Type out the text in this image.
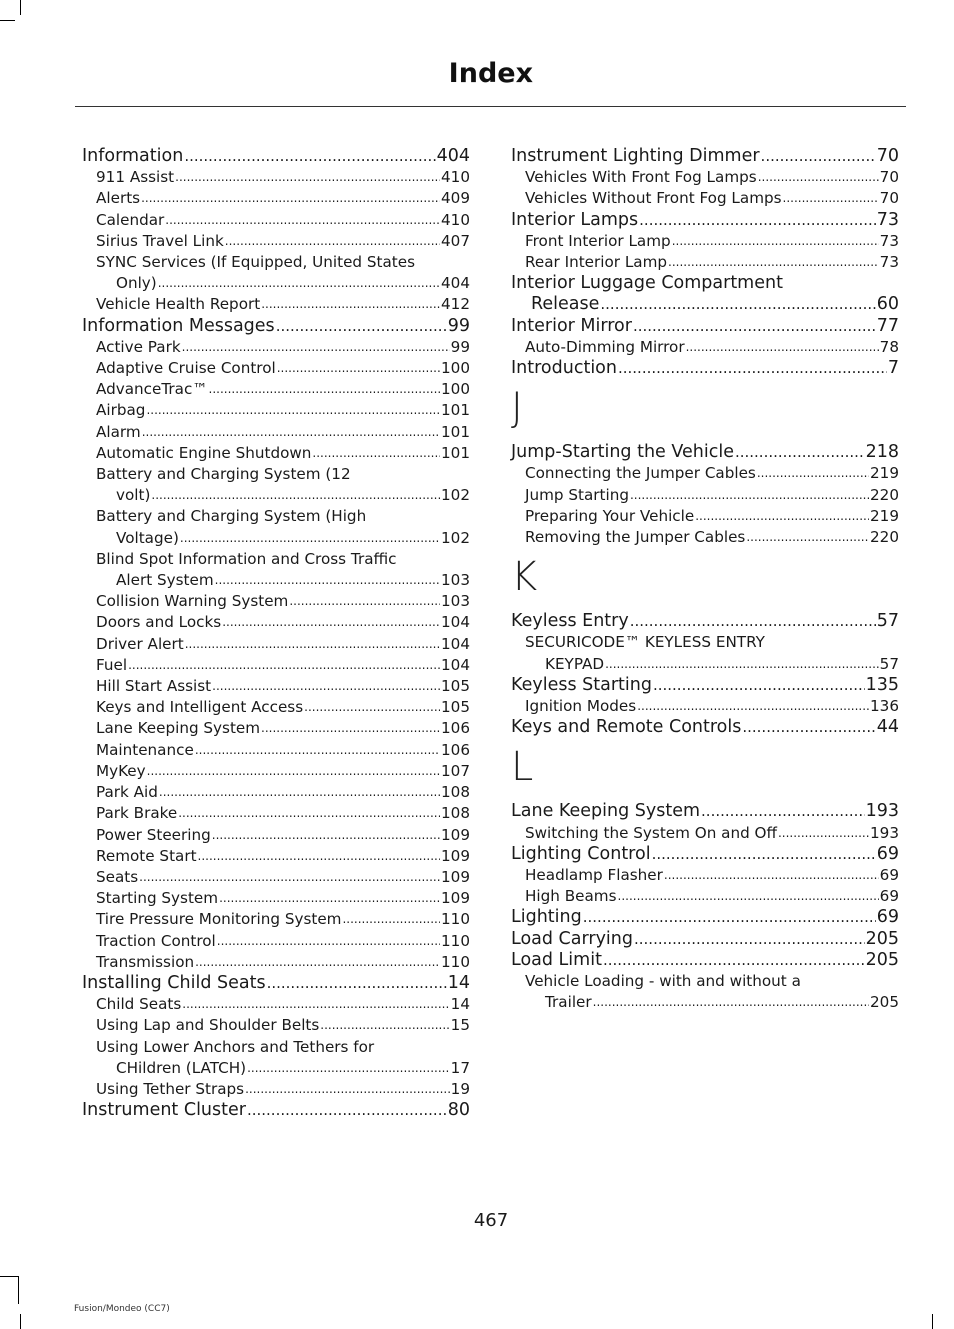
Index
Information .....	404
911 Assist .....	410
Alerts .....	409
Calendar .....	410
Sirius Travel Link .....	407
SYNC Services (If Equipped, United States
Only) .....	404
Vehicle Health Report .....	412
Information Messages .....	99
Active Park .....	99
Adaptive Cruise Control .....	100
AdvanceTrac™ .....	100
Airbag .....	101
Alarm .....	101
Automatic Engine Shutdown .....	101
Battery and Charging System (12
volt) .....	102
Battery and Charging System (High
Voltage) .....	102
Blind Spot Information and Cross Traffic
Alert System .....	103
Collision Warning System .....	103
Doors and Locks .....	104
Driver Alert .....	104
Fuel .....	104
Hill Start Assist .....	105
Keys and Intelligent Access .....	105
Lane Keeping System .....	106
Maintenance .....	106
MyKey .....	107
Park Aid .....	108
Park Brake .....	108
Power Steering .....	109
Remote Start .....	109
Seats .....	109
Starting System .....	109
Tire Pressure Monitoring System .....	110
Traction Control .....	110
Transmission .....	110
Installing Child Seats .....	14
Child Seats .....	14
Using Lap and Shoulder Belts .....	15
Using Lower Anchors and Tethers for
CHildren (LATCH) .....	17
Using Tether Straps .....	19
Instrument Cluster .....	80
Instrument Lighting Dimmer .....	70
Vehicles With Front Fog Lamps .....	70
Vehicles Without Front Fog Lamps .....	70
Interior Lamps .....	73
Front Interior Lamp .....	73
Rear Interior Lamp .....	73
Interior Luggage Compartment
Release .....	60
Interior Mirror .....	77
Auto-Dimming Mirror .....	78
Introduction .....	7
J
Jump-Starting the Vehicle .....	218
Connecting the Jumper Cables .....	219
Jump Starting .....	220
Preparing Your Vehicle .....	219
Removing the Jumper Cables .....	220
K
Keyless Entry .....	57
SECURICODE™ KEYLESS ENTRY
KEYPAD .....	57
Keyless Starting .....	135
Ignition Modes .....	136
Keys and Remote Controls .....	44
L
Lane Keeping System .....	193
Switching the System On and Off .....	193
Lighting Control .....	69
Headlamp Flasher .....	69
High Beams .....	69
Lighting .....	69
Load Carrying .....	205
Load Limit .....	205
Vehicle Loading - with and without a
Trailer .....	205
467
Fusion/Mondeo (CC7)
